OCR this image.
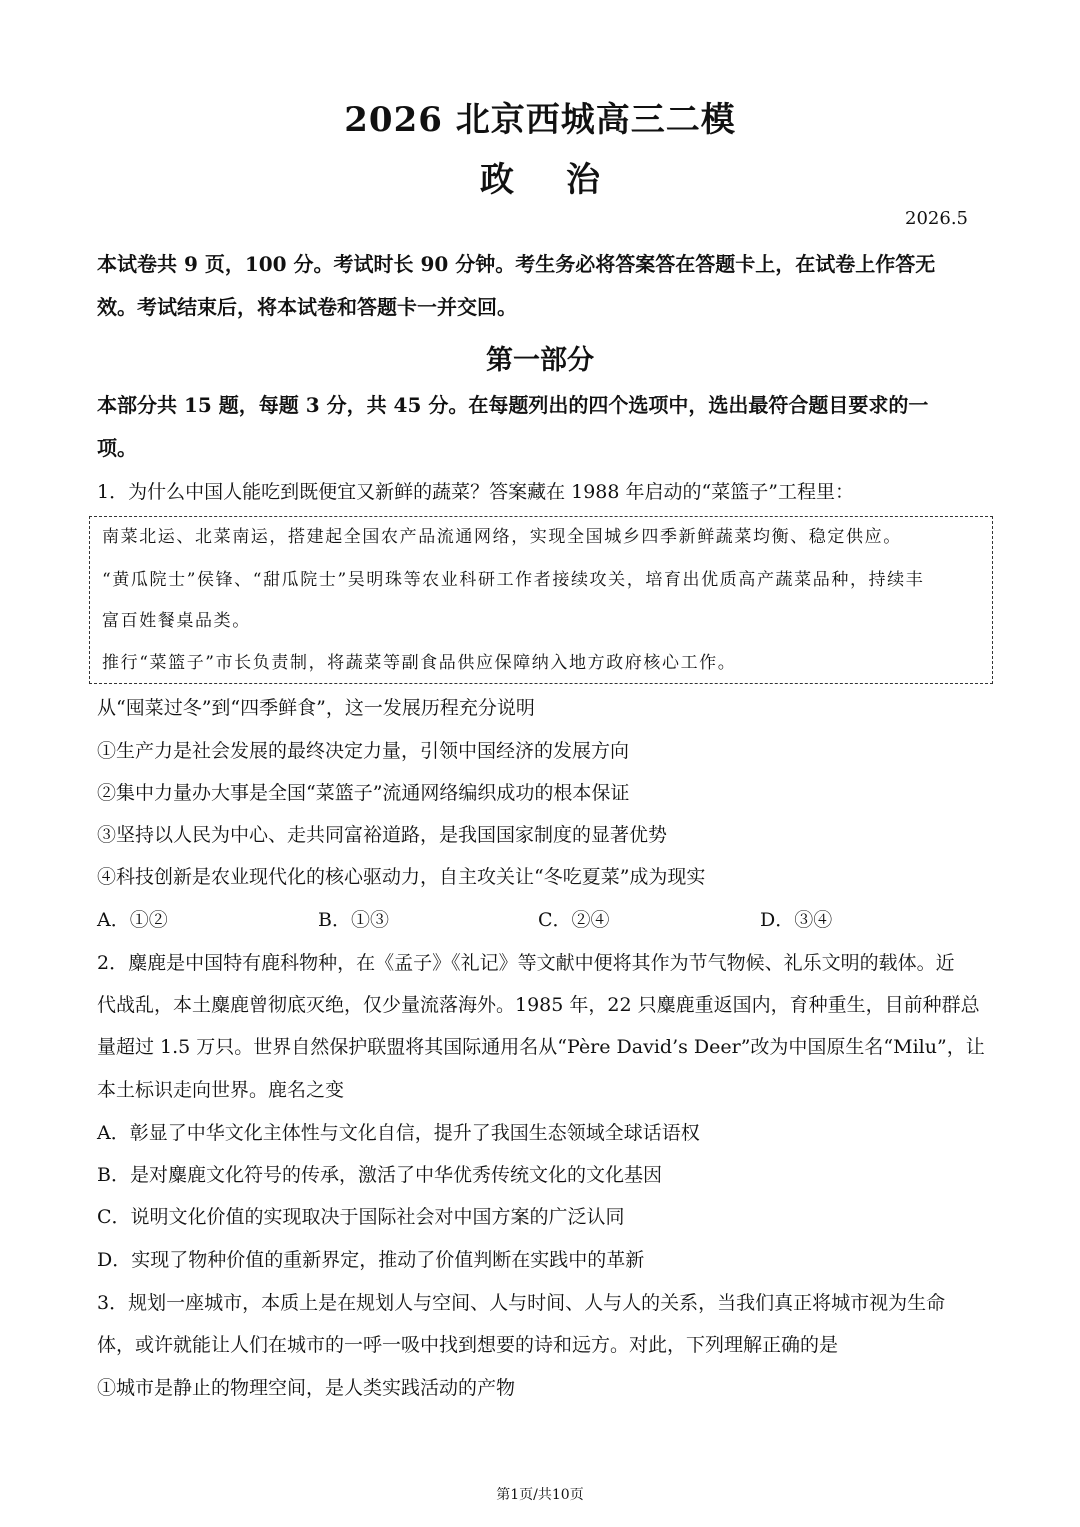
2026 北京西城高三二模
政治
2026.5
本试卷共 9 页，100 分。考试时长 90 分钟。考生务必将答案答在答题卡上，在试卷上作答无
效。考试结束后，将本试卷和答题卡一并交回。
第一部分
本部分共 15 题，每题 3 分，共 45 分。在每题列出的四个选项中，选出最符合题目要求的一
项。
1．为什么中国人能吃到既便宜又新鲜的蔬菜？答案藏在 1988 年启动的“菜篮子”工程里：
南菜北运、北菜南运，搭建起全国农产品流通网络，实现全国城乡四季新鲜蔬菜均衡、稳定供应。
“黄瓜院士”侯锋、“甜瓜院士”吴明珠等农业科研工作者接续攻关，培育出优质高产蔬菜品种，持续丰
富百姓餐桌品类。
推行“菜篮子”市长负责制，将蔬菜等副食品供应保障纳入地方政府核心工作。
从“囤菜过冬”到“四季鲜食”，这一发展历程充分说明
①生产力是社会发展的最终决定力量，引领中国经济的发展方向
②集中力量办大事是全国“菜篮子”流通网络编织成功的根本保证
③坚持以人民为中心、走共同富裕道路，是我国国家制度的显著优势
④科技创新是农业现代化的核心驱动力，自主攻关让“冬吃夏菜”成为现实
A．①②	B．①③	C．②④	D．③④
2．麋鹿是中国特有鹿科物种，在《孟子》《礼记》等文献中便将其作为节气物候、礼乐文明的载体。近
代战乱，本土麋鹿曾彻底灭绝，仅少量流落海外。1985 年，22 只麋鹿重返国内，育种重生，目前种群总
量超过 1.5 万只。世界自然保护联盟将其国际通用名从“Père David’s Deer”改为中国原生名“Milu”，让
本土标识走向世界。鹿名之变
A．彰显了中华文化主体性与文化自信，提升了我国生态领域全球话语权
B．是对麋鹿文化符号的传承，激活了中华优秀传统文化的文化基因
C．说明文化价值的实现取决于国际社会对中国方案的广泛认同
D．实现了物种价值的重新界定，推动了价值判断在实践中的革新
3．规划一座城市，本质上是在规划人与空间、人与时间、人与人的关系，当我们真正将城市视为生命
体，或许就能让人们在城市的一呼一吸中找到想要的诗和远方。对此，下列理解正确的是
①城市是静止的物理空间，是人类实践活动的产物
第1页/共10页
